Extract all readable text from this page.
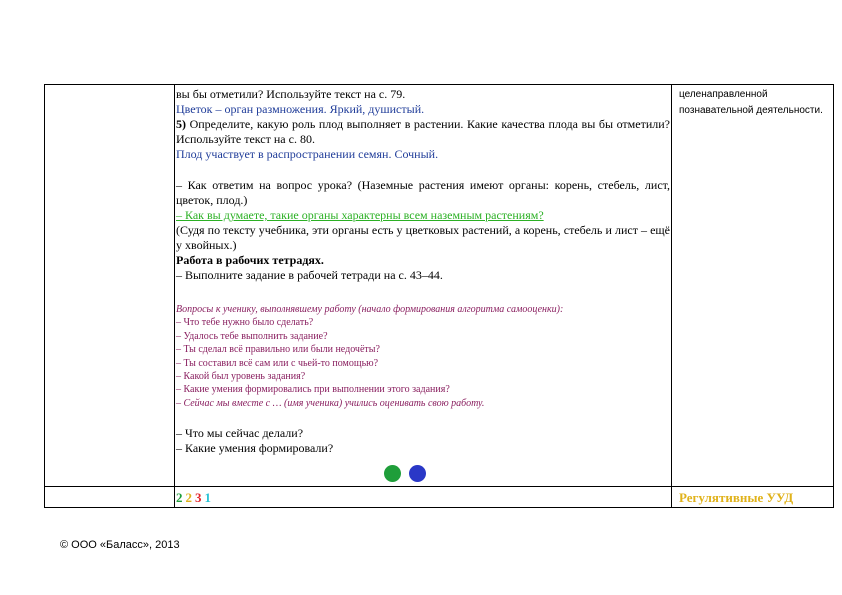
вы бы отметили? Используйте текст на с. 79.

Цветок – орган размножения. Яркий, душистый.

5) Определите, какую роль плод выполняет в растении. Какие качества плода вы бы отметили? Используйте текст на с. 80.

Плод участвует в распространении семян. Сочный.

– Как ответим на вопрос урока? (Наземные растения имеют органы: корень, стебель, лист, цветок, плод.)

– Как вы думаете, такие органы характерны всем наземным растениям?

(Судя по тексту учебника, эти органы есть у цветковых растений, а корень, стебель и лист – ещё у хвойных.)

Работа в рабочих тетрадях.

– Выполните задание в рабочей тетради на с. 43–44.

Вопросы к ученику, выполнявшему работу (начало формирования алгоритма самооценки):

– Что тебе нужно было сделать?

– Удалось тебе выполнить задание?

– Ты сделал всё правильно или были недочёты?

– Ты составил всё сам или с чьей-то помощью?

– Какой был уровень задания?

– Какие умения формировались при выполнении этого задания?

– Сейчас мы вместе с … (имя ученика) учились оценивать свою работу.

– Что мы сейчас делали?

– Какие умения формировали?

целенаправленной познавательной деятельности.
2 2 3 1	Регулятивные УУД
© ООО «Баласс», 2013
